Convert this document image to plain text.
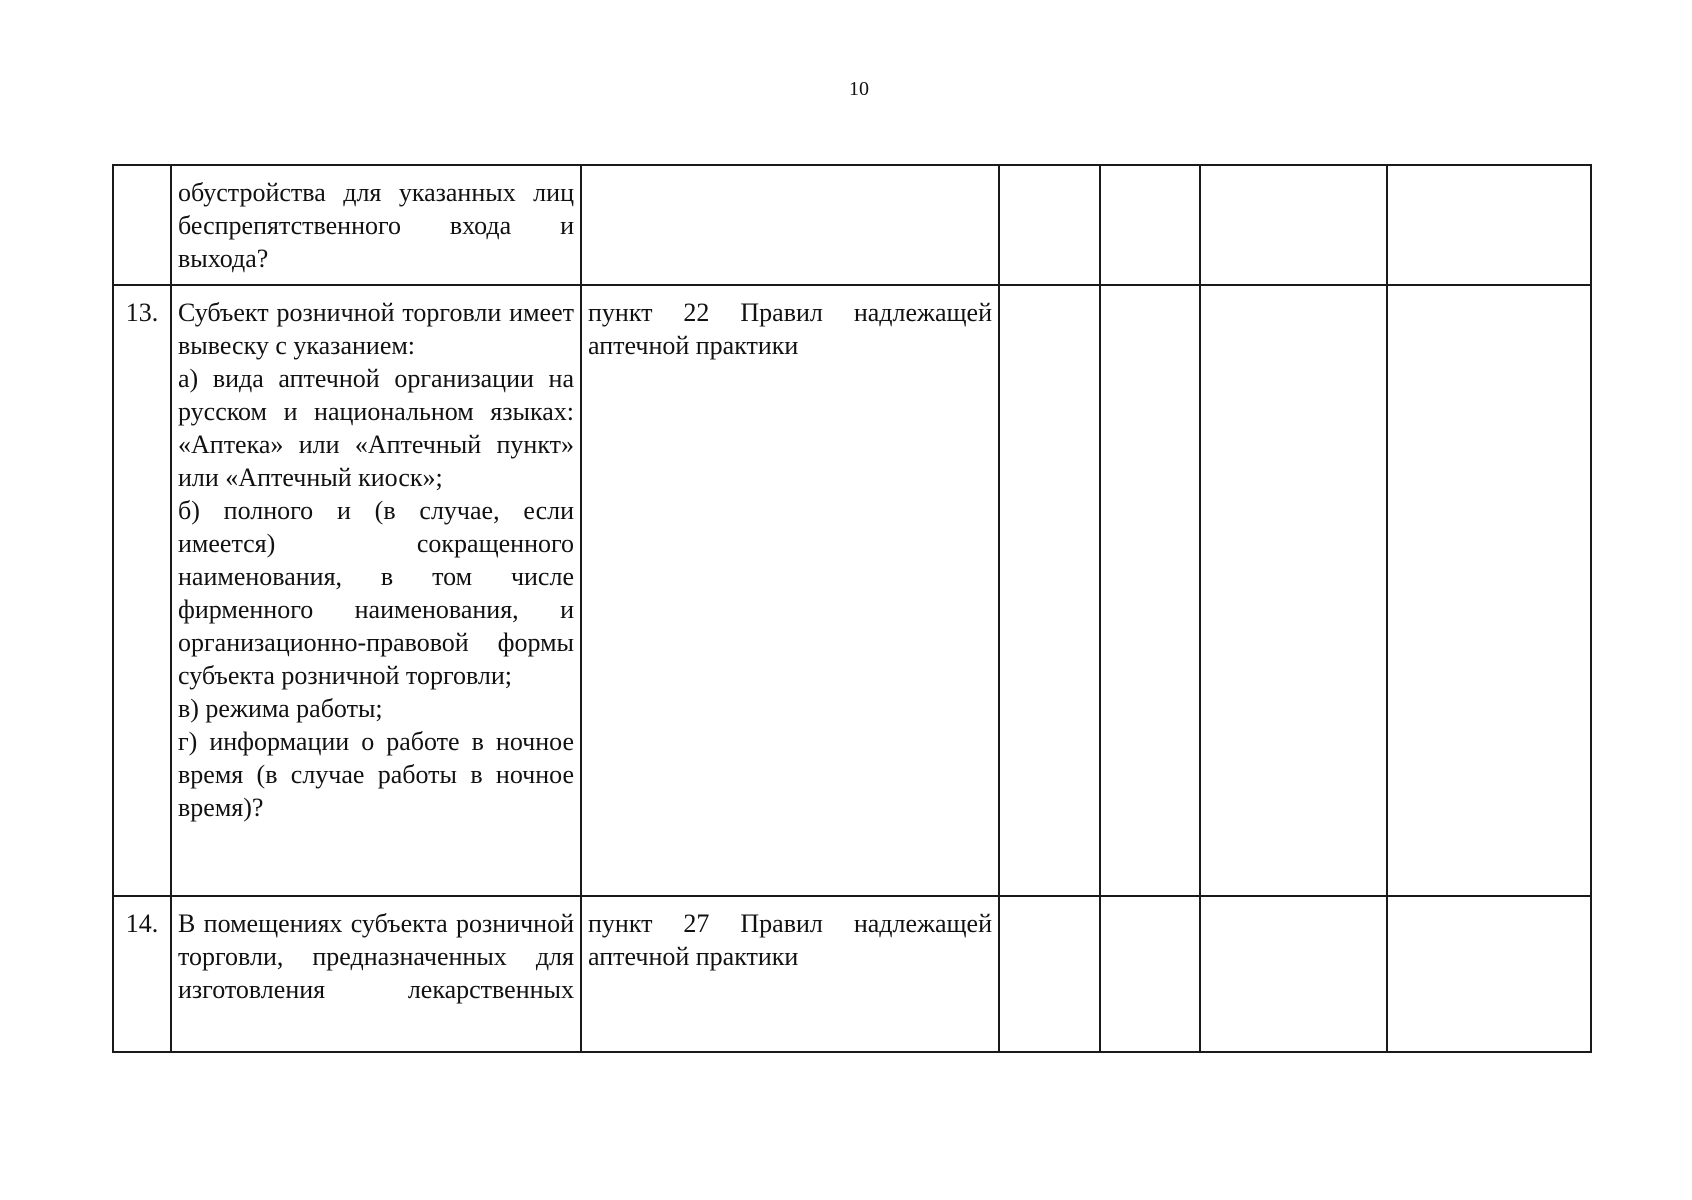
10

	обустройства для указанных лиц беспрепятственного входа и выхода?					

13.	Субъект розничной торговли имеет вывеску с указанием:

а) вида аптечной организации на русском и национальном языках: «Аптека» или «Аптечный пункт» или «Аптечный киоск»;

б) полного и (в случае, если имеется) сокращенного наименования, в том числе фирменного наименования, и организационно-правовой формы субъекта розничной торговли;

в) режима работы;

г) информации о работе в ночное время (в случае работы в ночное время)?	пункт 22 Правил надлежащей аптечной практики				
14.	В помещениях субъекта розничной торговли, предназначенных для изготовления лекарственных	пункт 27 Правил надлежащей аптечной практики				
